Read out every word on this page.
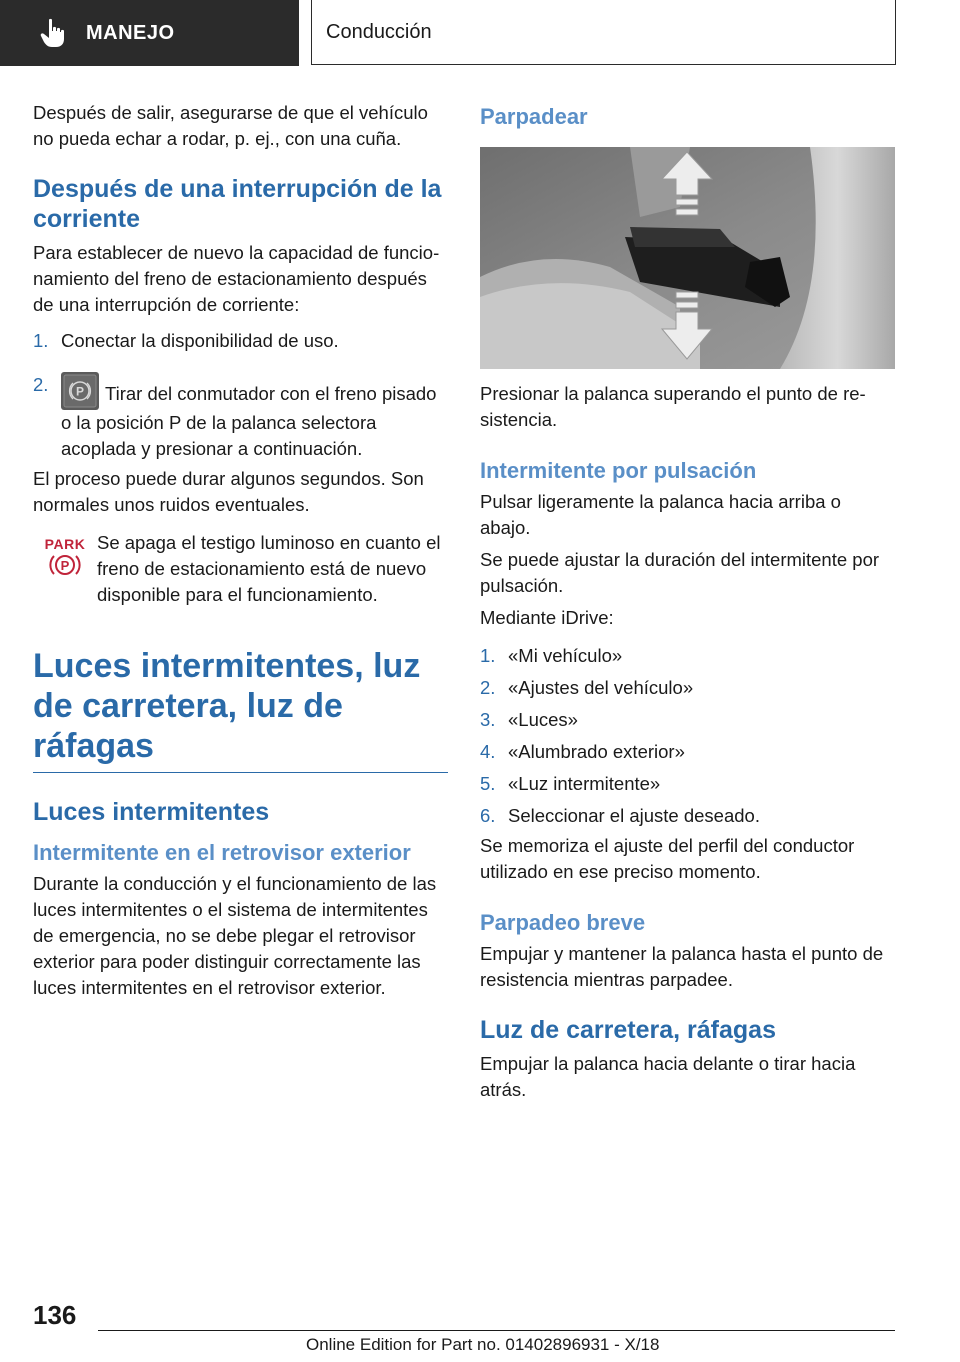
MANEJO	Conducción

Después de salir, asegurarse de que el vehículo no pueda echar a rodar, p. ej., con una cuña.

Después de una interrupción de la corriente

Para establecer de nuevo la capacidad de funcionamiento del freno de estacionamiento después de una interrupción de corriente:

1. Conectar la disponibilidad de uso.
2. P Tirar del conmutador con el freno pisado o la posición P de la palanca selectora acoplada y presionar a continuación.

El proceso puede durar algunos segundos. Son normales unos ruidos eventuales.

PARK
P
Se apaga el testigo luminoso en cuanto el freno de estacionamiento está de nuevo disponible para el funcionamiento.
Luces intermitentes, luz de carretera, luz de ráfagas
Luces intermitentes
Intermitente en el retrovisor exterior

Durante la conducción y el funcionamiento de las luces intermitentes o el sistema de intermitentes de emergencia, no se debe plegar el retrovisor exterior para poder distinguir correctamente las luces intermitentes en el retrovisor exterior.

Parpadear

Presionar la palanca superando el punto de resistencia.

Intermitente por pulsación

Pulsar ligeramente la palanca hacia arriba o abajo.

Se puede ajustar la duración del intermitente por pulsación.

Mediante iDrive:

1. «Mi vehículo»
2. «Ajustes del vehículo»
3. «Luces»
4. «Alumbrado exterior»
5. «Luz intermitente»
6. Seleccionar el ajuste deseado.

Se memoriza el ajuste del perfil del conductor utilizado en ese preciso momento.

Parpadeo breve

Empujar y mantener la palanca hasta el punto de resistencia mientras parpadee.

Luz de carretera, ráfagas

Empujar la palanca hacia delante o tirar hacia atrás.

136
Online Edition for Part no. 01402896931 - X/18
